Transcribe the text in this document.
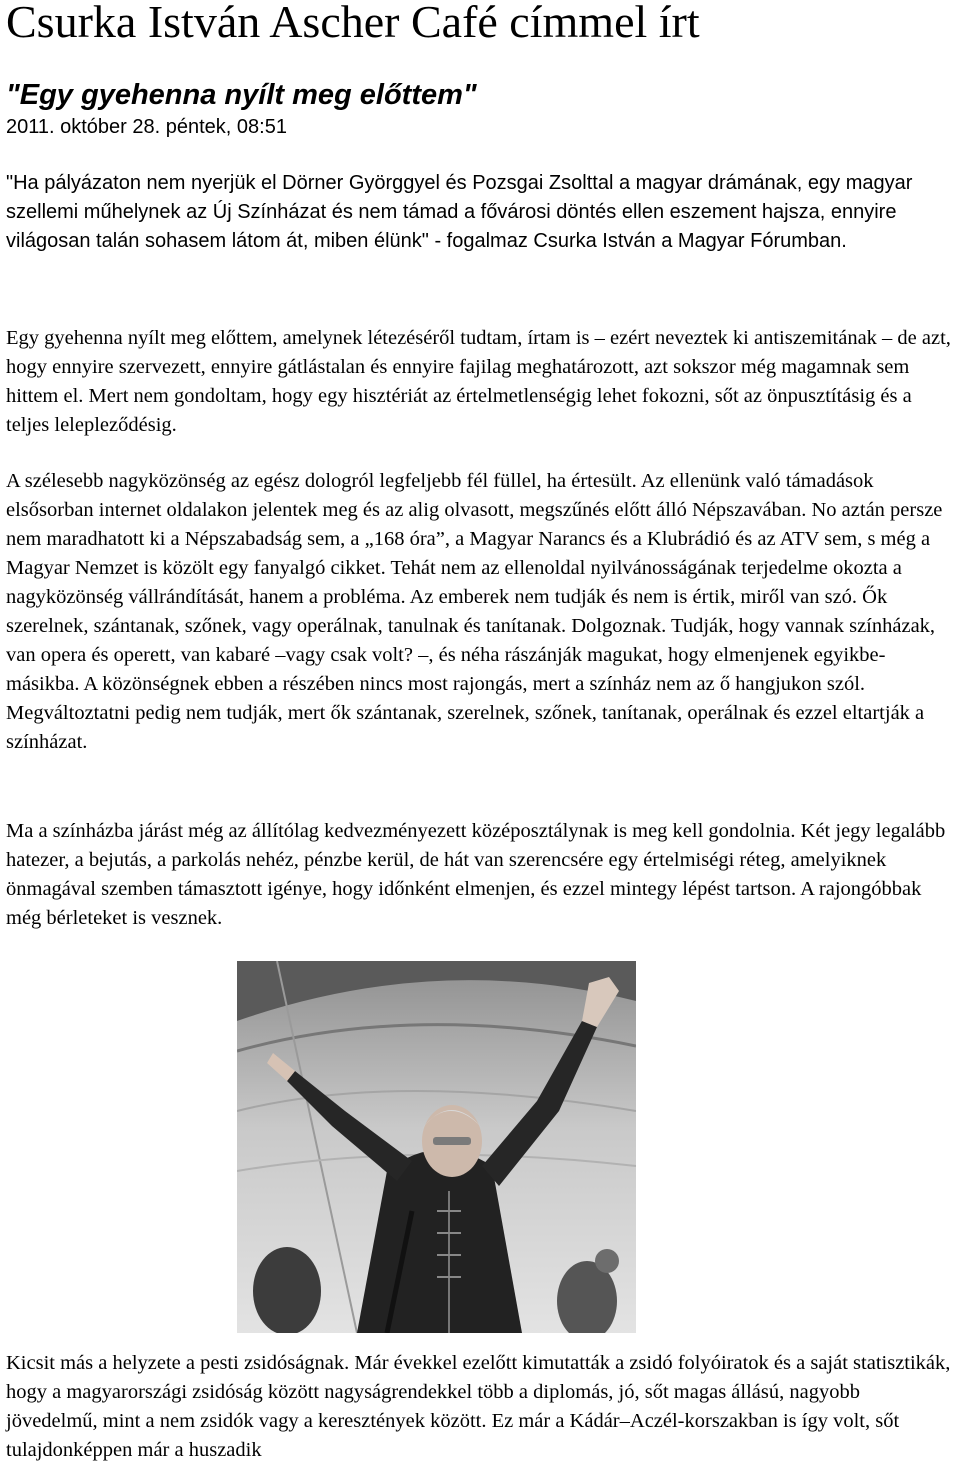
Csurka István Ascher Café címmel írt
"Egy gyehenna nyílt meg előttem"

2011. október 28. péntek, 08:51

"Ha pályázaton nem nyerjük el Dörner Györggyel és Pozsgai Zsolttal a magyar drámának, egy magyar szellemi műhelynek az Új Színházat és nem támad a fővárosi döntés ellen eszement hajsza, ennyire világosan talán sohasem látom át, miben élünk" - fogalmaz Csurka István a Magyar Fórumban.

Egy gyehenna nyílt meg előttem, amelynek létezéséről tudtam, írtam is – ezért neveztek ki antiszemitának – de azt, hogy ennyire szervezett, ennyire gátlástalan és ennyire fajilag meghatározott, azt sokszor még magamnak sem hittem el. Mert nem gondoltam, hogy egy hisztériát az értelmetlenségig lehet fokozni, sőt az önpusztításig és a teljes lelepleződésig.

A szélesebb nagyközönség az egész dologról legfeljebb fél füllel, ha értesült. Az ellenünk való támadások elsősorban internet oldalakon jelentek meg és az alig olvasott, megszűnés előtt álló Népszavában. No aztán persze nem maradhatott ki a Népszabadság sem, a „168 óra”, a Magyar Narancs és a Klubrádió és az ATV sem, s még a Magyar Nemzet is közölt egy fanyalgó cikket. Tehát nem az ellenoldal nyilvánosságának terjedelme okozta a nagyközönség vállrándítását, hanem a probléma. Az emberek nem tudják és nem is értik, miről van szó. Ők szerelnek, szántanak, szőnek, vagy operálnak, tanulnak és tanítanak. Dolgoznak. Tudják, hogy vannak színházak, van opera és operett, van kabaré –vagy csak volt? –, és néha rászánják magukat, hogy elmenjenek egyikbe-másikba. A közönségnek ebben a részében nincs most rajongás, mert a színház nem az ő hangjukon szól. Megváltoztatni pedig nem tudják, mert ők szántanak, szerelnek, szőnek, tanítanak, operálnak és ezzel eltartják a színházat.

Ma a színházba járást még az állítólag kedvezményezett középosztálynak is meg kell gondolnia. Két jegy legalább hatezer, a bejutás, a parkolás nehéz, pénzbe kerül, de hát van szerencsére egy értelmiségi réteg, amelyiknek önmagával szemben támasztott igénye, hogy időnként elmenjen, és ezzel mintegy lépést tartson. A rajongóbbak még bérleteket is vesznek.

Kicsit más a helyzete a pesti zsidóságnak. Már évekkel ezelőtt kimutatták a zsidó folyóiratok és a saját statisztikák, hogy a magyarországi zsidóság között nagyságrendekkel több a diplomás, jó, sőt magas állású, nagyobb jövedelmű, mint a nem zsidók vagy a keresztények között. Ez már a Kádár–Aczél-korszakban is így volt, sőt tulajdonképpen már a huszadik
